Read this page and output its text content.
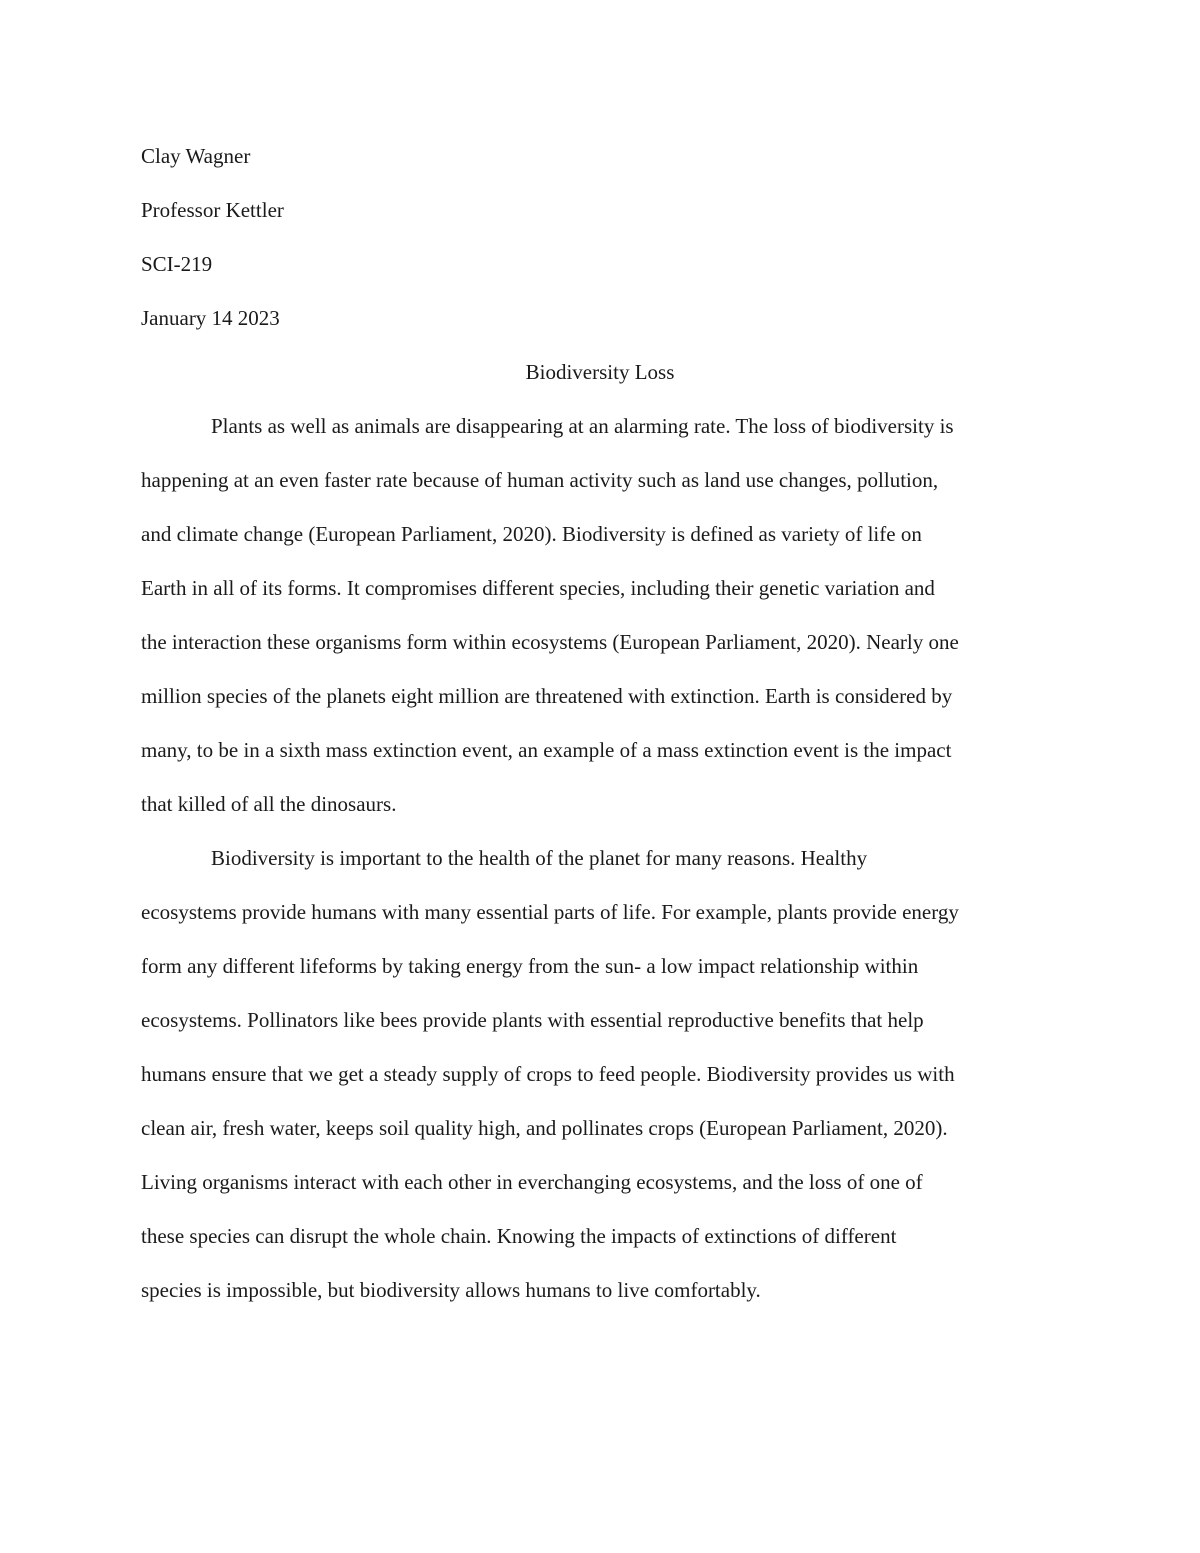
Clay Wagner
Professor Kettler
SCI-219
January 14 2023
Biodiversity Loss
Plants as well as animals are disappearing at an alarming rate. The loss of biodiversity is
happening at an even faster rate because of human activity such as land use changes, pollution,
and climate change (European Parliament, 2020). Biodiversity is defined as variety of life on
Earth in all of its forms. It compromises different species, including their genetic variation and
the interaction these organisms form within ecosystems (European Parliament, 2020). Nearly one
million species of the planets eight million are threatened with extinction. Earth is considered by
many, to be in a sixth mass extinction event, an example of a mass extinction event is the impact
that killed of all the dinosaurs.
Biodiversity is important to the health of the planet for many reasons. Healthy
ecosystems provide humans with many essential parts of life. For example, plants provide energy
form any different lifeforms by taking energy from the sun- a low impact relationship within
ecosystems. Pollinators like bees provide plants with essential reproductive benefits that help
humans ensure that we get a steady supply of crops to feed people. Biodiversity provides us with
clean air, fresh water, keeps soil quality high, and pollinates crops (European Parliament, 2020).
Living organisms interact with each other in everchanging ecosystems, and the loss of one of
these species can disrupt the whole chain. Knowing the impacts of extinctions of different
species is impossible, but biodiversity allows humans to live comfortably.
